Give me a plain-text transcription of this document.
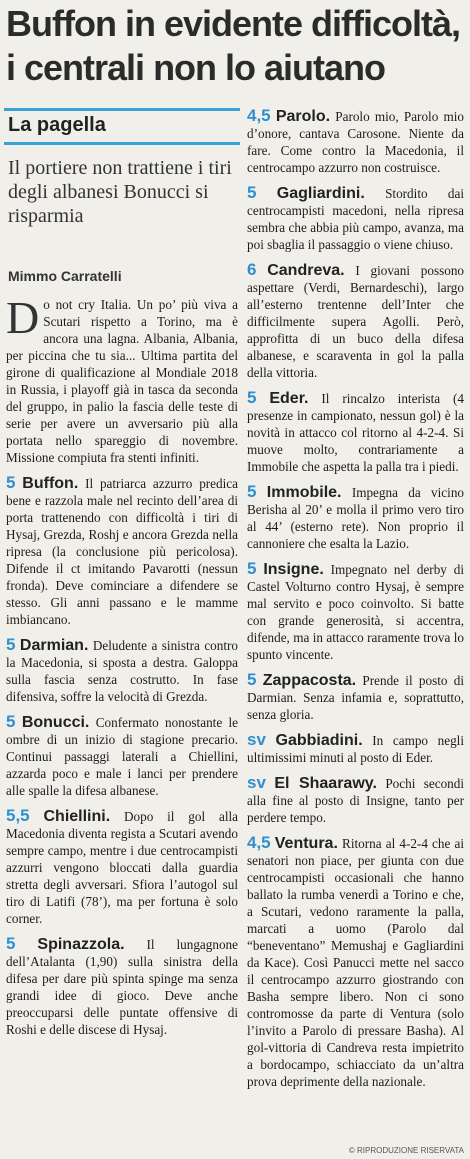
Buffon in evidente difficoltà,
i centrali non lo aiutano
La pagella
Il portiere non trattiene i tiri degli albanesi Bonucci si risparmia
Mimmo Carratelli

Do not cry Italia. Un po’ più viva a Scutari rispetto a Torino, ma è ancora una lagna. Albania, Albania, per piccina che tu sia... Ultima partita del girone di qualificazione al Mondiale 2018 in Russia, i playoff già in tasca da seconda del gruppo, in palio la fascia delle teste di serie per avere un avversario più alla portata nello spareggio di novembre. Missione compiuta fra stenti infiniti.

5 Buffon. Il patriarca azzurro predica bene e razzola male nel recinto dell’area di porta trattenendo con difficoltà i tiri di Hysaj, Grezda, Roshj e ancora Grezda nella ripresa (la conclusione più pericolosa). Difende il ct imitando Pavarotti (nessun fronda). Deve cominciare a difendere se stesso. Gli anni passano e le mamme imbiancano.

5 Darmian. Deludente a sinistra contro la Macedonia, si sposta a destra. Galoppa sulla fascia senza costrutto. In fase difensiva, soffre la velocità di Grezda.

5 Bonucci. Confermato nonostante le ombre di un inizio di stagione precario. Continui passaggi laterali a Chiellini, azzarda poco e male i lanci per prendere alle spalle la difesa albanese.

5,5 Chiellini. Dopo il gol alla Macedonia diventa regista a Scutari avendo sempre campo, mentre i due centrocampisti azzurri vengono bloccati dalla guardia stretta degli avversari. Sfiora l’autogol sul tiro di Latifi (78’), ma per fortuna è solo corner.

5 Spinazzola. Il lungagnone dell’Atalanta (1,90) sulla sinistra della difesa per dare più spinta spinge ma senza grandi idee di gioco. Deve anche preoccuparsi delle puntate offensive di Roshi e delle discese di Hysaj.

4,5 Parolo. Parolo mio, Parolo mio d’onore, cantava Carosone. Niente da fare. Come contro la Macedonia, il centrocampo azzurro non costruisce.

5 Gagliardini. Stordito dai centrocampisti macedoni, nella ripresa sembra che abbia più campo, avanza, ma poi sbaglia il passaggio o viene chiuso.

6 Candreva. I giovani possono aspettare (Verdi, Bernardeschi), largo all’esterno trentenne dell’Inter che difficilmente supera Agolli. Però, approfitta di un buco della difesa albanese, e scaraventa in gol la palla della vittoria.

5 Eder. Il rincalzo interista (4 presenze in campionato, nessun gol) è la novità in attacco col ritorno al 4-2-4. Si muove molto, contrariamente a Immobile che aspetta la palla tra i piedi.

5 Immobile. Impegna da vicino Berisha al 20’ e molla il primo vero tiro al 44’ (esterno rete). Non proprio il cannoniere che esalta la Lazio.

5 Insigne. Impegnato nel derby di Castel Volturno contro Hysaj, è sempre mal servito e poco coinvolto. Si batte con grande generosità, si accentra, difende, ma in attacco raramente trova lo spunto vincente.

5 Zappacosta. Prende il posto di Darmian. Senza infamia e, soprattutto, senza gloria.

sv Gabbiadini. In campo negli ultimissimi minuti al posto di Eder.

sv El Shaarawy. Pochi secondi alla fine al posto di Insigne, tanto per perdere tempo.

4,5 Ventura. Ritorna al 4-2-4 che ai senatori non piace, per giunta con due centrocampisti occasionali che hanno ballato la rumba venerdì a Torino e che, a Scutari, vedono raramente la palla, marcati a uomo (Parolo dal “beneventano” Memushaj e Gagliardini da Kace). Così Panucci mette nel sacco il centrocampo azzurro giostrando con Basha sempre libero. Non ci sono contromosse da parte di Ventura (solo l’invito a Parolo di pressare Basha). Al gol-vittoria di Candreva resta impietrito a bordocampo, schiacciato da un’altra prova deprimente della nazionale.

© RIPRODUZIONE RISERVATA
